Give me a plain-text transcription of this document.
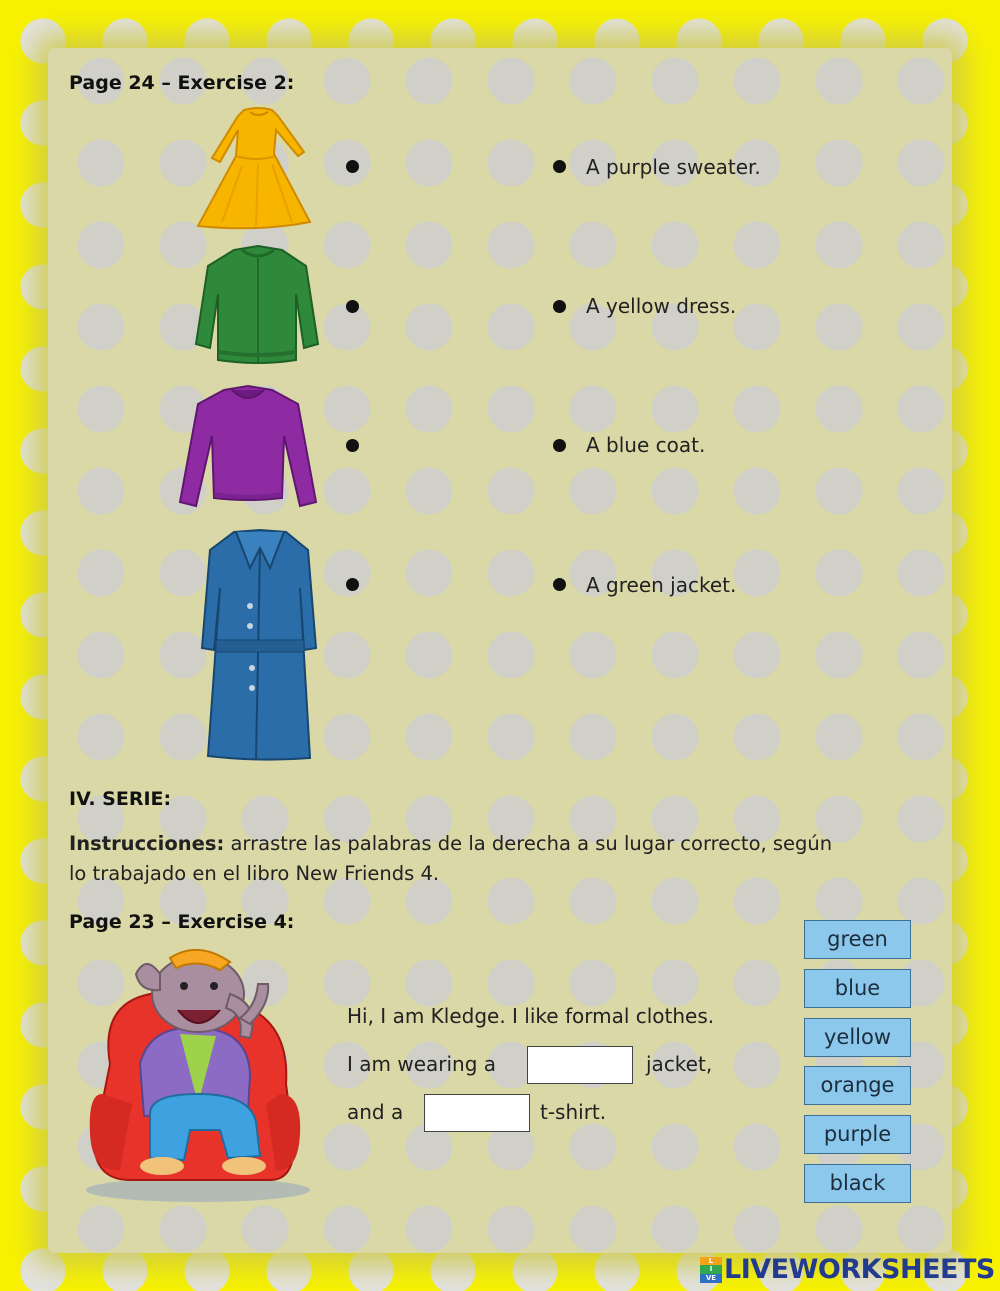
Page 24 – Exercise 2:
A purple sweater.
A yellow dress.
A blue coat.
A green jacket.
IV. SERIE:
Instrucciones: arrastre las palabras de la derecha a su lugar correcto, según
lo trabajado en el libro New Friends 4.
Page 23 – Exercise 4:
Hi, I am Kledge. I like formal clothes.
I am wearing a	jacket,
and a	t-shirt.
green
blue
yellow
orange
purple
black
L
I
VE LIVEWORKSHEETS
